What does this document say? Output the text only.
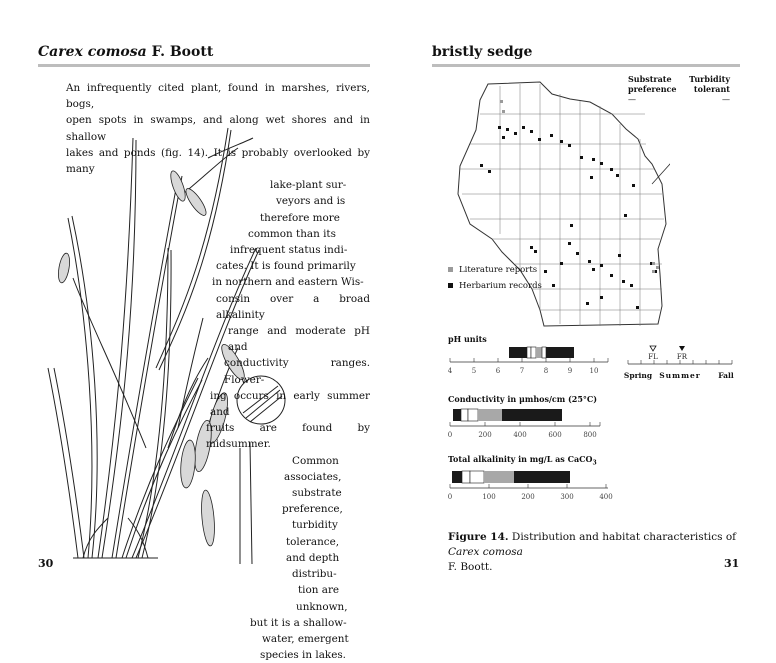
Carex comosa F. Boott
An infrequently cited plant, found in marshes, rivers, bogs,
open spots in swamps, and along wet shores and in shallow
lakes and ponds (fig. 14). It is probably overlooked by many
lake-plant sur-
veyors and is
therefore more
common than its
infrequent status indi-
cates. It is found primarily
in northern and eastern Wis-
consin over a broad alkalinity
range and moderate pH and
conductivity ranges. Flower-
ing occurs in early summer and
fruits are found by midsummer.
Common
associates,
substrate
preference,
turbidity
tolerance,
and depth
distribu-
tion are
unknown,
but it is a shallow-
water, emergent
species in lakes.
30
bristly sedge
Substrate
preference
—
Turbidity
tolerant
—
Literature reports
Herbarium records
pH units
4	5	6	7	8	9 10
FL	FR
Spring Summer Fall
Conductivity in μmhos/cm (25°C)
0	200	400	600	800
Total alkalinity in mg/L as CaCO$_3$
0	100	200	300	400
Figure 14. Distribution and habitat characteristics of Carex comosa
F. Boott.	31
